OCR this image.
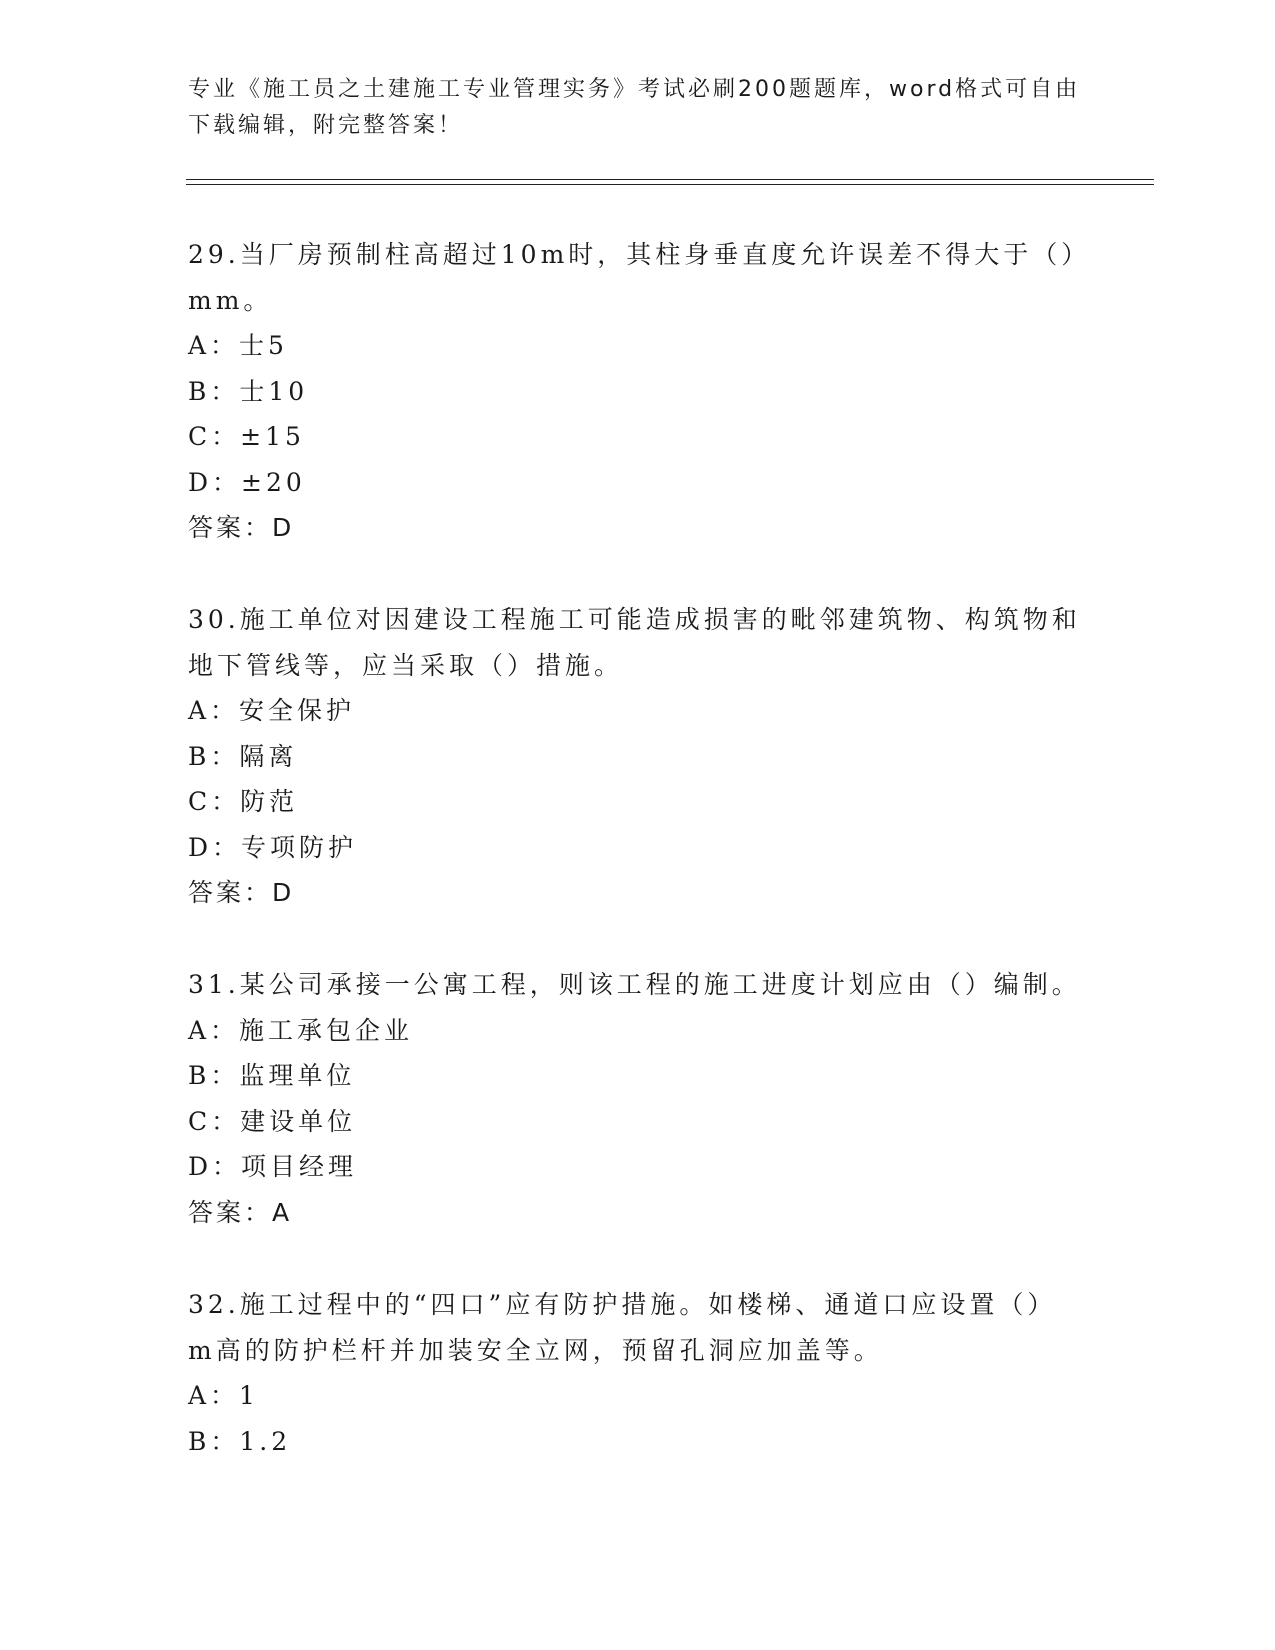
专业《施工员之土建施工专业管理实务》考试必刷200题题库，word格式可自由
下载编辑，附完整答案！
29.当厂房预制柱高超过10m时，其柱身垂直度允许误差不得大于（）
mm。
A：士5
B：士10
C：±15
D：±20
答案：D
30.施工单位对因建设工程施工可能造成损害的毗邻建筑物、构筑物和
地下管线等，应当采取（）措施。
A：安全保护
B：隔离
C：防范
D：专项防护
答案：D
31.某公司承接一公寓工程，则该工程的施工进度计划应由（）编制。
A：施工承包企业
B：监理单位
C：建设单位
D：项目经理
答案：A
32.施工过程中的“四口”应有防护措施。如楼梯、通道口应设置（）
m高的防护栏杆并加装安全立网，预留孔洞应加盖等。
A：1
B：1.2
